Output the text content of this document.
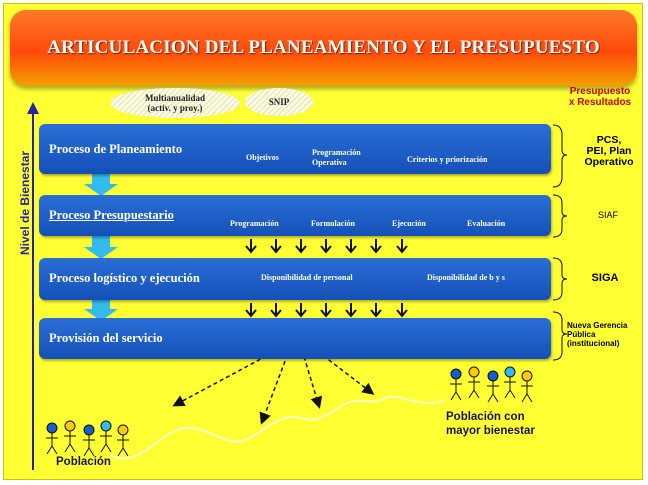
ARTICULACION DEL PLANEAMIENTO Y EL PRESUPUESTO
Multianualidad
(activ. y proy.)
SNIP
Presupuesto
x Resultados
Nivel de Bienestar
Proceso de Planeamiento
Objetivos
Programación
Operativa	Criterios y priorización
Proceso Presupuestario
Programación	Formulación	Ejecución	Evaluación
Proceso logístico y ejecución	Disponibilidad de personal	Disponibilidad de b y s
Provisión del servicio
PCS,
PEI, Plan
Operativo
SIAF
SIGA
Nueva Gerencia
Pública
(institucional)
Población
Población con
mayor bienestar
